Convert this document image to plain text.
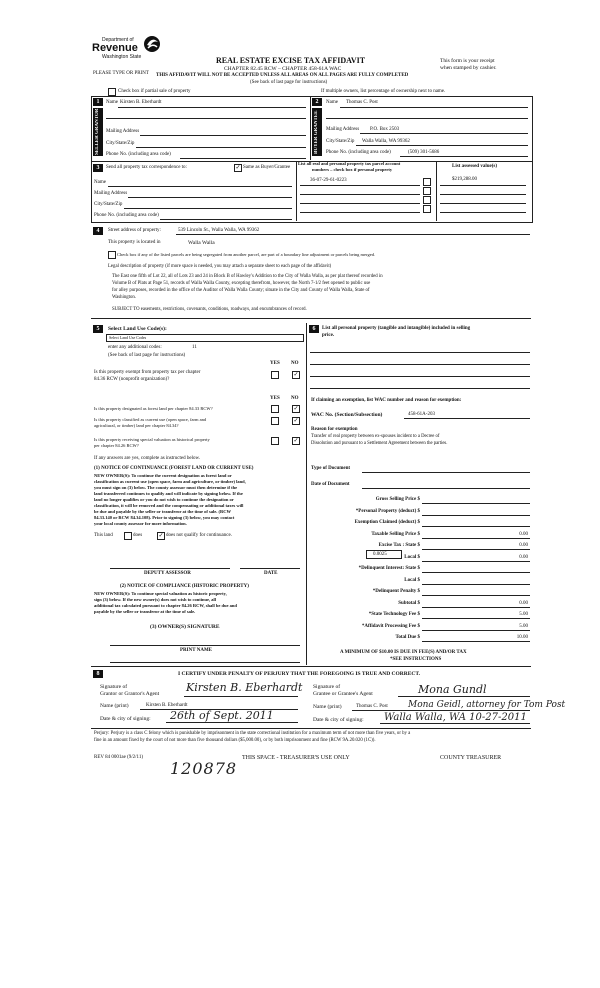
Department of
Revenue
Washington State
PLEASE TYPE OR PRINT
REAL ESTATE EXCISE TAX AFFIDAVIT
CHAPTER 82.45 RCW – CHAPTER 458-61A WAC
THIS AFFIDAVIT WILL NOT BE ACCEPTED UNLESS ALL AREAS ON ALL PAGES ARE FULLY COMPLETED
(See back of last page for instructions)
This form is your receipt
when stamped by cashier.
Check box if partial sale of property	If multiple owners, list percentage of ownership next to name.
1
SELLER GRANTOR
Name Kirsten B. Eberhardt
Mailing Address
City/State/Zip
Phone No. (including area code)
2
BUYER GRANTEE
Name Thomas C. Post
Mailing Address P.O. Box 2503
City/State/Zip Walla Walla, WA 99362
Phone No. (including area code)	(509) 301-5686
3	Send all property tax correspondence to:	✓ Same as Buyer/Grantee
Name
Mailing Address
City/State/Zip
Phone No. (including area code)
List all real and personal property tax parcel account
numbers – check box if personal property
List assessed value(s)
36-07-29-61-0223	$219,288.00
4	Street address of property:	539 Lincoln St., Walla Walla, WA 99362
This property is located in	Walla Walla
Check box if any of the listed parcels are being segregated from another parcel, are part of a boundary line adjustment or parcels being merged.
Legal description of property (if more space is needed, you may attach a separate sheet to each page of the affidavit)
The East one fifth of Lot 22, all of Lots 23 and 24 in Block B of Hawley's Addition to the City of Walla Walla, as per plat thereof recorded in
Volume B of Plats at Page 51, records of Walla Walla County, excepting therefrom, however, the North 7-1/2 feet opened to public use
for alley purposes, recorded in the office of the Auditor of Walla Walla County; situate in the City and County of Walla Walla, State of
Washington.
SUBJECT TO easements, restrictions, covenants, conditions, roadways, and encumbrances of record.
5	Select Land Use Code(s):
Select Land Use Codes
enter any additional codes:	11
(See back of last page for instructions)
YES NO
Is this property exempt from property tax per chapter
84.36 RCW (nonprofit organization)?
✓
YES NO
Is this property designated as forest land per chapter 84.33 RCW?	✓
Is this property classified as current use (open space, farm and
agricultural, or timber) land per chapter 84.34?
✓
Is this property receiving special valuation as historical property
per chapter 84.26 RCW?
✓
If any answers are yes, complete as instructed below.
(1) NOTICE OF CONTINUANCE (FOREST LAND OR CURRENT USE)
NEW OWNER(S): To continue the current designation as forest land or
classification as current use (open space, farm and agriculture, or timber) land,
you must sign on (3) below. The county assessor must then determine if the
land transferred continues to qualify and will indicate by signing below. If the
land no longer qualifies or you do not wish to continue the designation or
classification, it will be removed and the compensating or additional taxes will
be due and payable by the seller or transferor at the time of sale. (RCW
84.33.140 or RCW 84.34.108). Prior to signing (3) below, you may contact
your local county assessor for more information.
This land	does	✓ does not qualify for continuance.
DEPUTY ASSESSOR	DATE
(2) NOTICE OF COMPLIANCE (HISTORIC PROPERTY)
NEW OWNER(S): To continue special valuation as historic property,
sign (3) below. If the new owner(s) does not wish to continue, all
additional tax calculated pursuant to chapter 84.26 RCW, shall be due and
payable by the seller or transferor at the time of sale.
(3) OWNER(S) SIGNATURE
PRINT NAME
6	List all personal property (tangible and intangible) included in selling
price.
If claiming an exemption, list WAC number and reason for exemption:
WAC No. (Section/Subsection)	458-61A-203
Reason for exemption
Transfer of real property between ex-spouses incident to a Decree of
Dissolution and pursuant to a Settlement Agreement between the parties.
Type of Document
Date of Document
Gross Selling Price $
*Personal Property (deduct) $
Exemption Claimed (deduct) $
Taxable Selling Price $	0.00
Excise Tax : State $	0.00
Local $	0.00
*Delinquent Interest: State $
Local $
*Delinquent Penalty $
Subtotal $	0.00
*State Technology Fee $	5.00
*Affidavit Processing Fee $	5.00
Total Due $	10.00
0.0025
A MINIMUM OF $10.00 IS DUE IN FEE(S) AND/OR TAX
*SEE INSTRUCTIONS
8	I CERTIFY UNDER PENALTY OF PERJURY THAT THE FOREGOING IS TRUE AND CORRECT.
Signature of
Grantor or Grantor's Agent Kirsten B. Eberhardt
Name (print)	Kirsten B. Eberhardt
Date & city of signing: 26th of Sept. 2011
Signature of
Grantee or Grantee's Agent	Mona Gundl
Name (print)	Thomas C. Post Mona Geidl, attorney for Tom Post
Date & city of signing: Walla Walla, WA 10-27-2011
Perjury: Perjury is a class C felony which is punishable by imprisonment in the state correctional institution for a maximum term of not more than five years, or by a
fine in an amount fixed by the court of not more than five thousand dollars ($5,000.00), or by both imprisonment and fine (RCW 9A.20.020 (1C)).
REV 84 0001ae (9/2/11)	THIS SPACE - TREASURER'S USE ONLY	COUNTY TREASURER
120878
